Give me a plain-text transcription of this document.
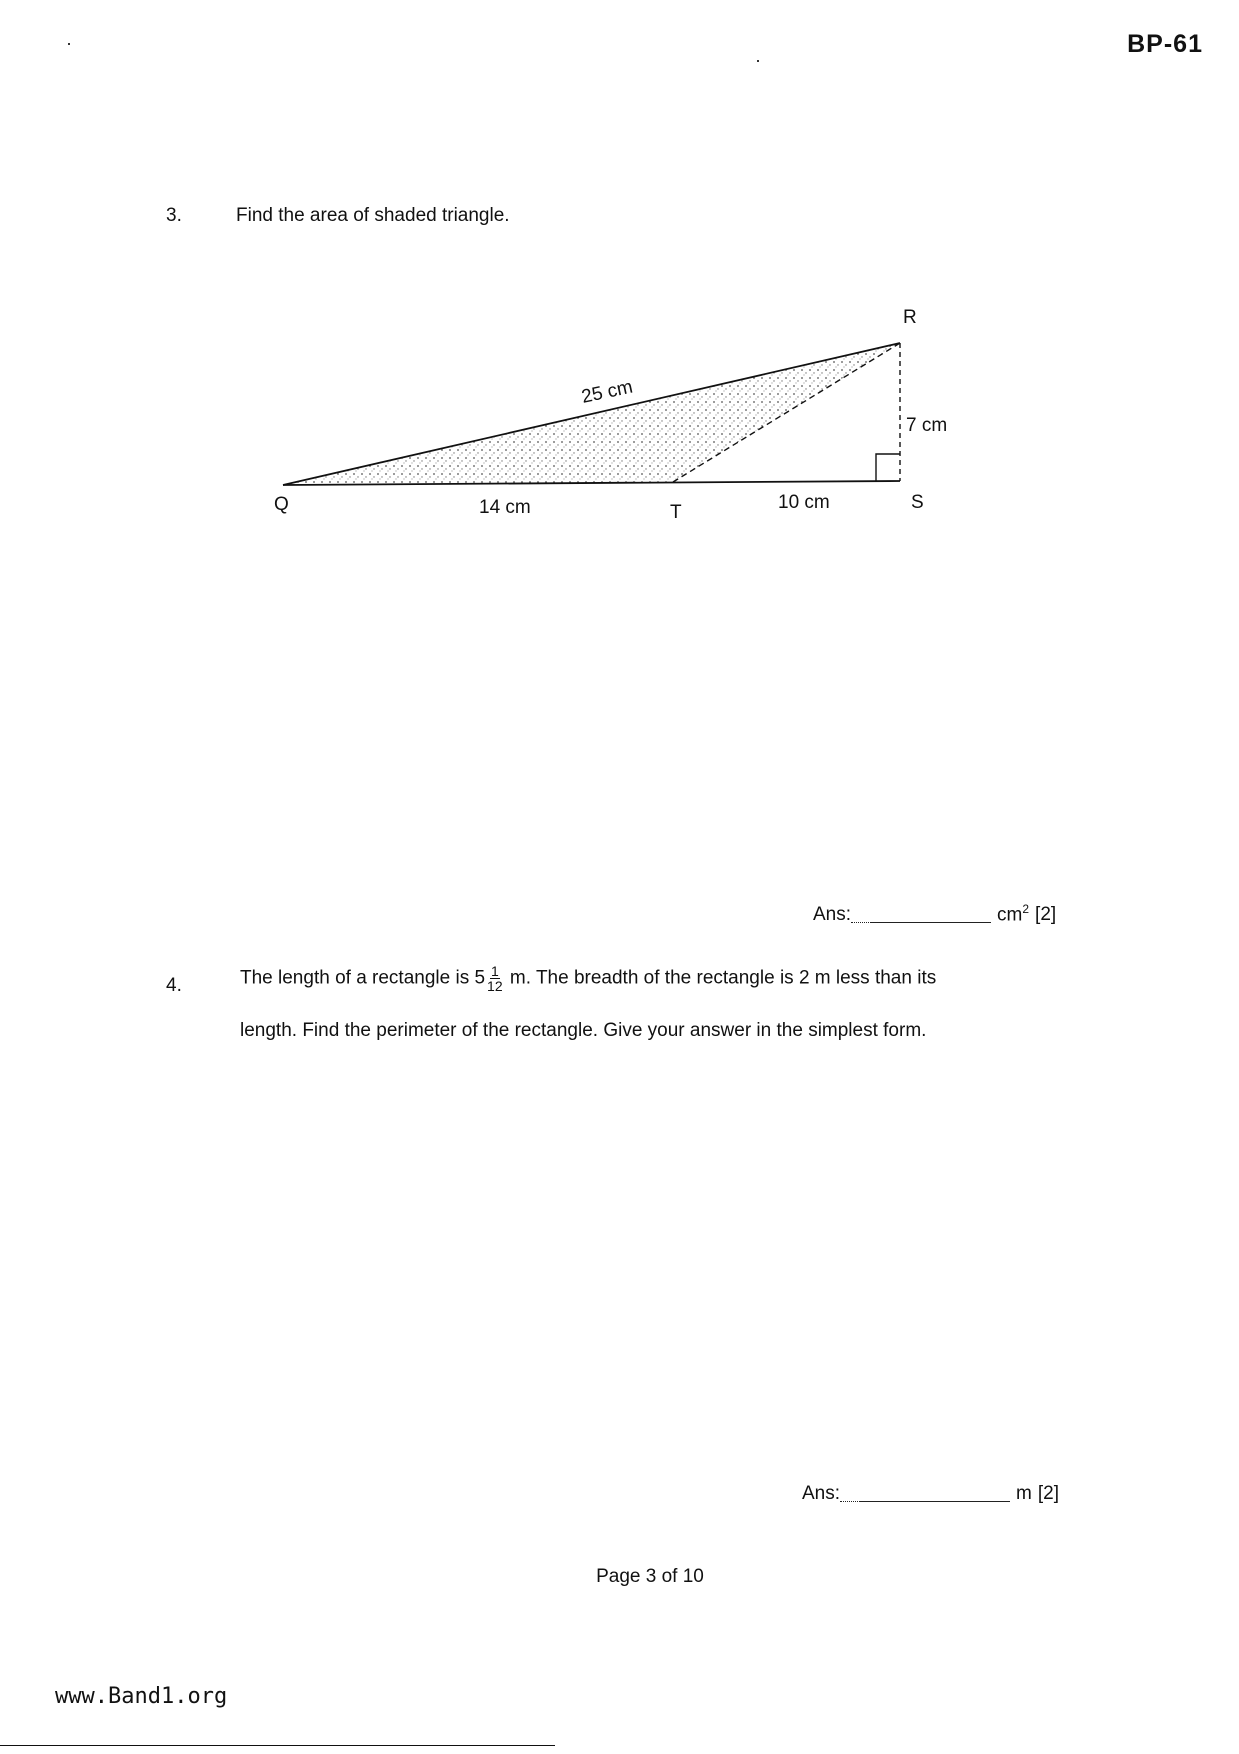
BP-61
3.	Find the area of shaded triangle.
R
Q	T	S
25 cm
7 cm
14 cm	10 cm
Ans:	$cm^2$ [2]
4.	The length of a rectangle is $5 \frac{1}{12} m$. The breadth of the rectangle is 2 m less than its
length. Find the perimeter of the rectangle. Give your answer in the simplest form.
Ans:	m [2]
Page 3 of 10
www.Band1.org
